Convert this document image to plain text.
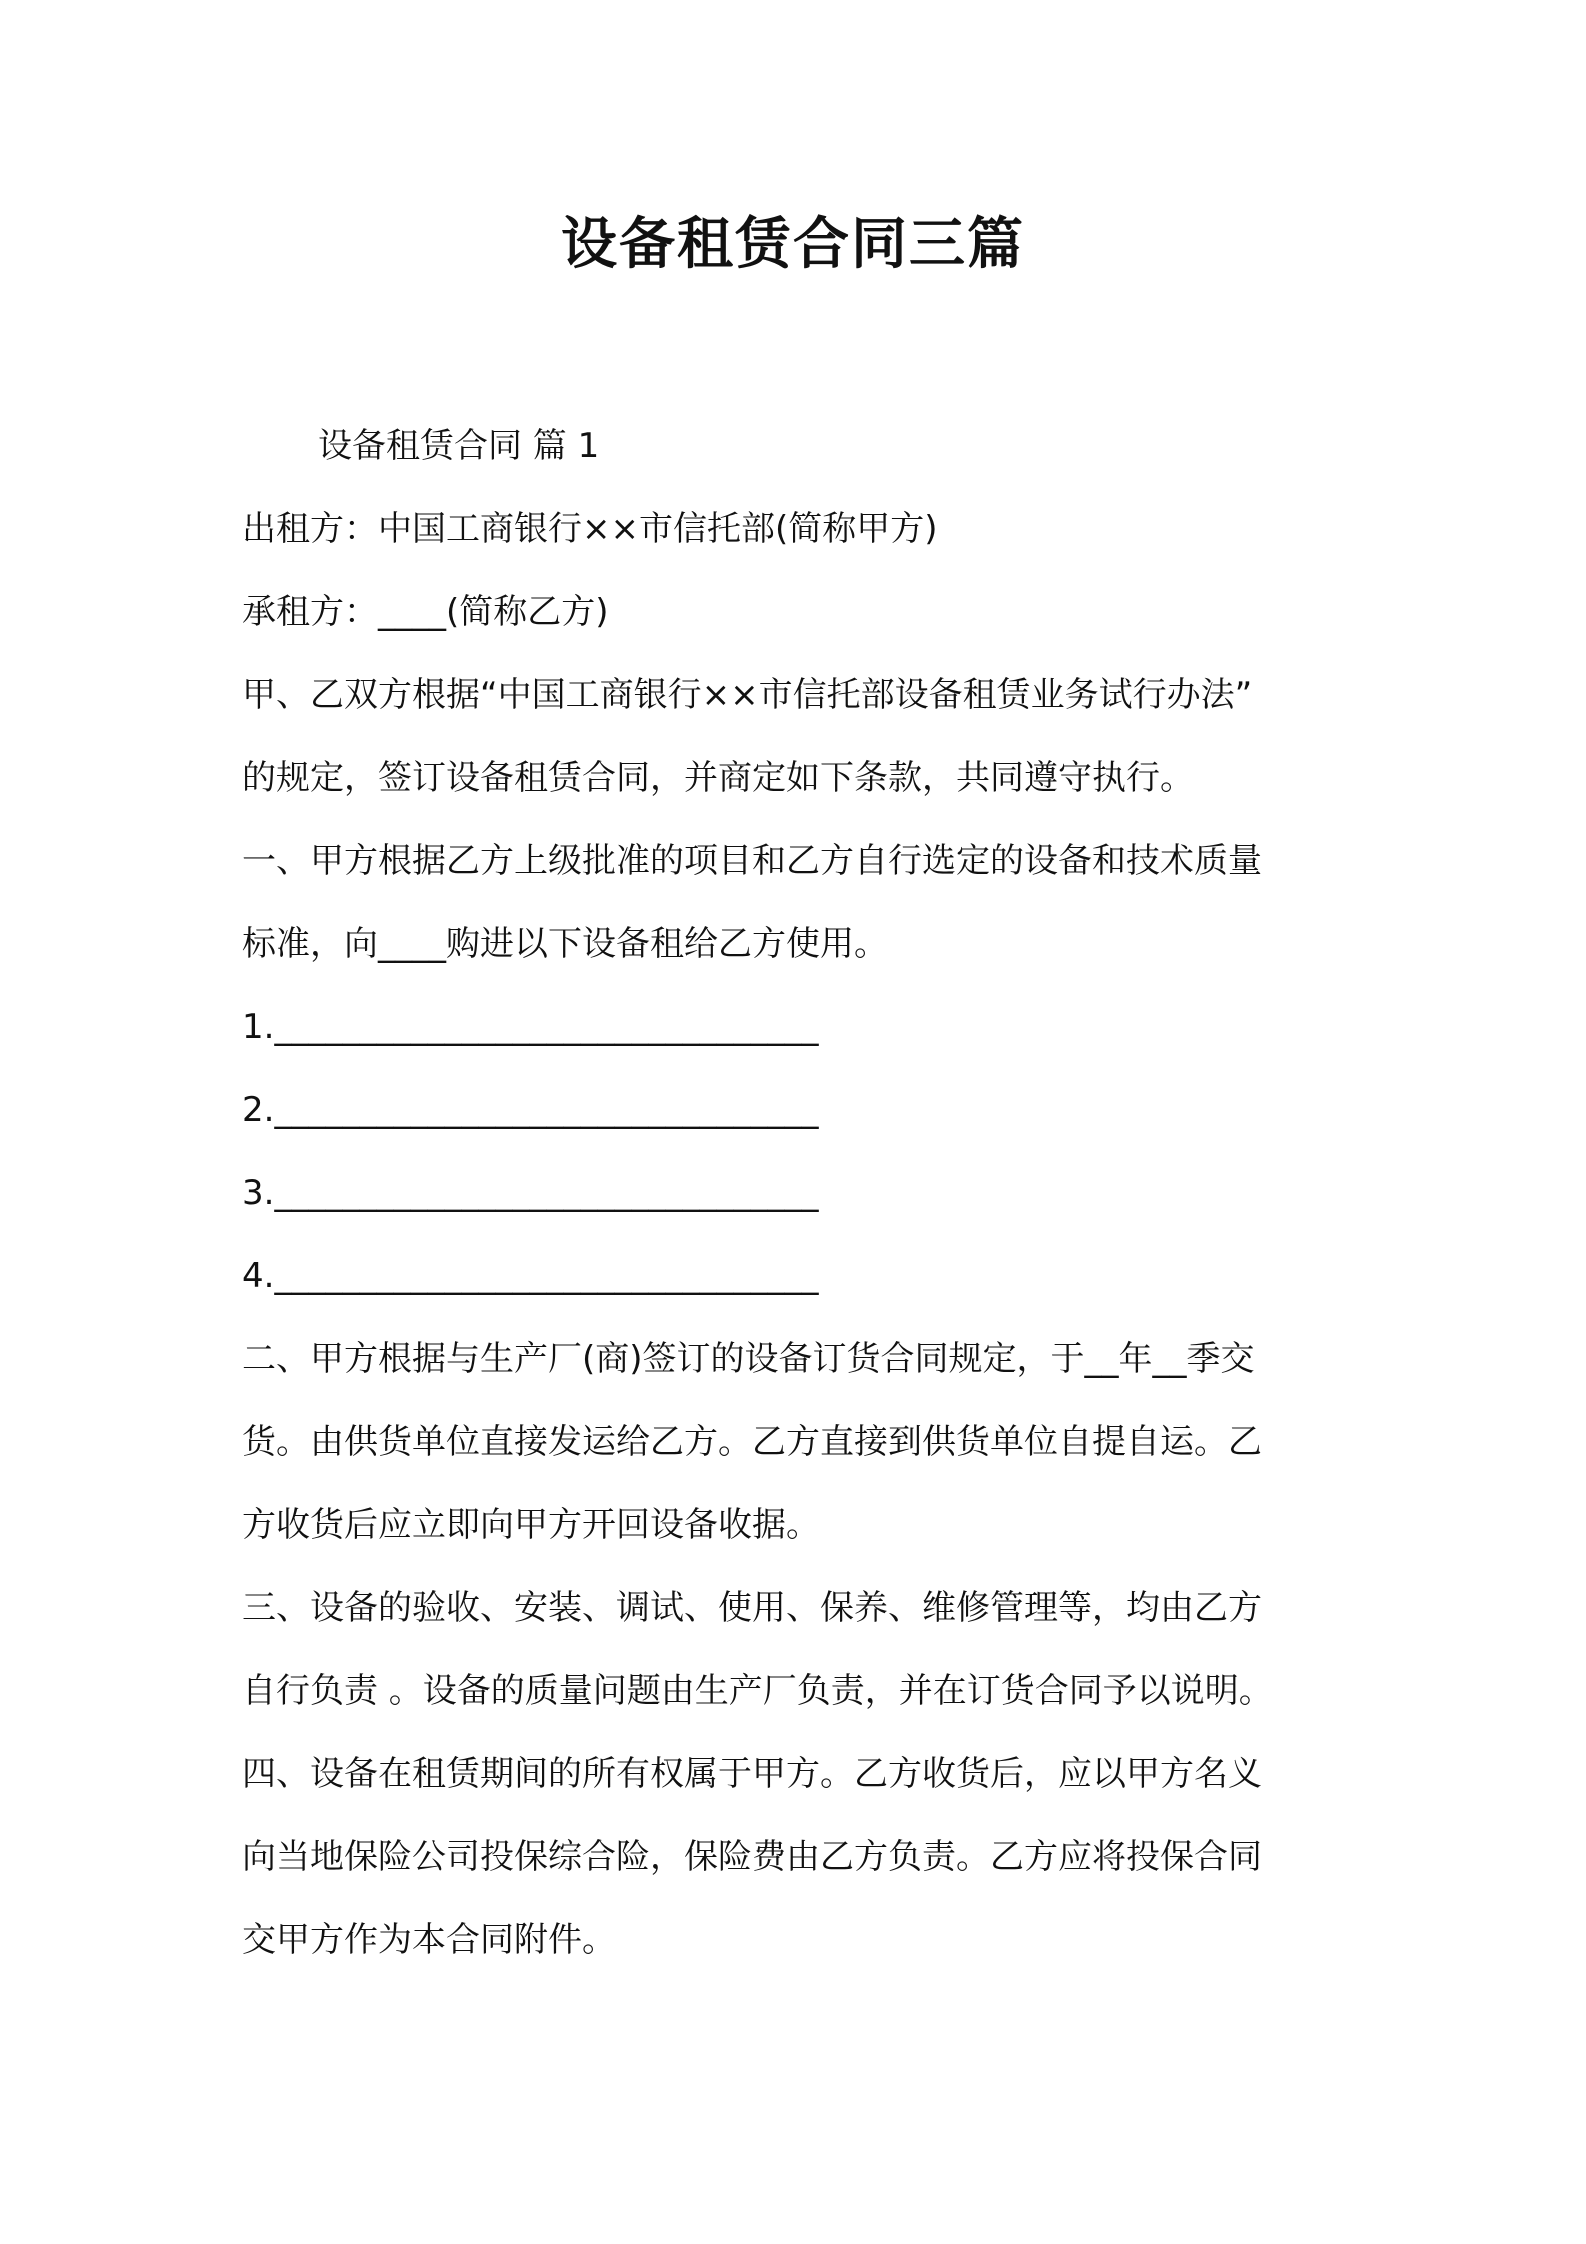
设备租赁合同三篇
设备租赁合同 篇 1
出租方：中国工商银行××市信托部(简称甲方)
承租方：____(简称乙方)
甲、乙双方根据“中国工商银行××市信托部设备租赁业务试行办法”
的规定，签订设备租赁合同，并商定如下条款，共同遵守执行。
一、甲方根据乙方上级批准的项目和乙方自行选定的设备和技术质量
标准，向____购进以下设备租给乙方使用。
1.________________________________
2.________________________________
3.________________________________
4.________________________________
二、甲方根据与生产厂(商)签订的设备订货合同规定，于__年__季交
货。由供货单位直接发运给乙方。乙方直接到供货单位自提自运。乙
方收货后应立即向甲方开回设备收据。
三、设备的验收、安装、调试、使用、保养、维修管理等，均由乙方
自行负责 。设备的质量问题由生产厂负责，并在订货合同予以说明。
四、设备在租赁期间的所有权属于甲方。乙方收货后，应以甲方名义
向当地保险公司投保综合险，保险费由乙方负责。乙方应将投保合同
交甲方作为本合同附件。
